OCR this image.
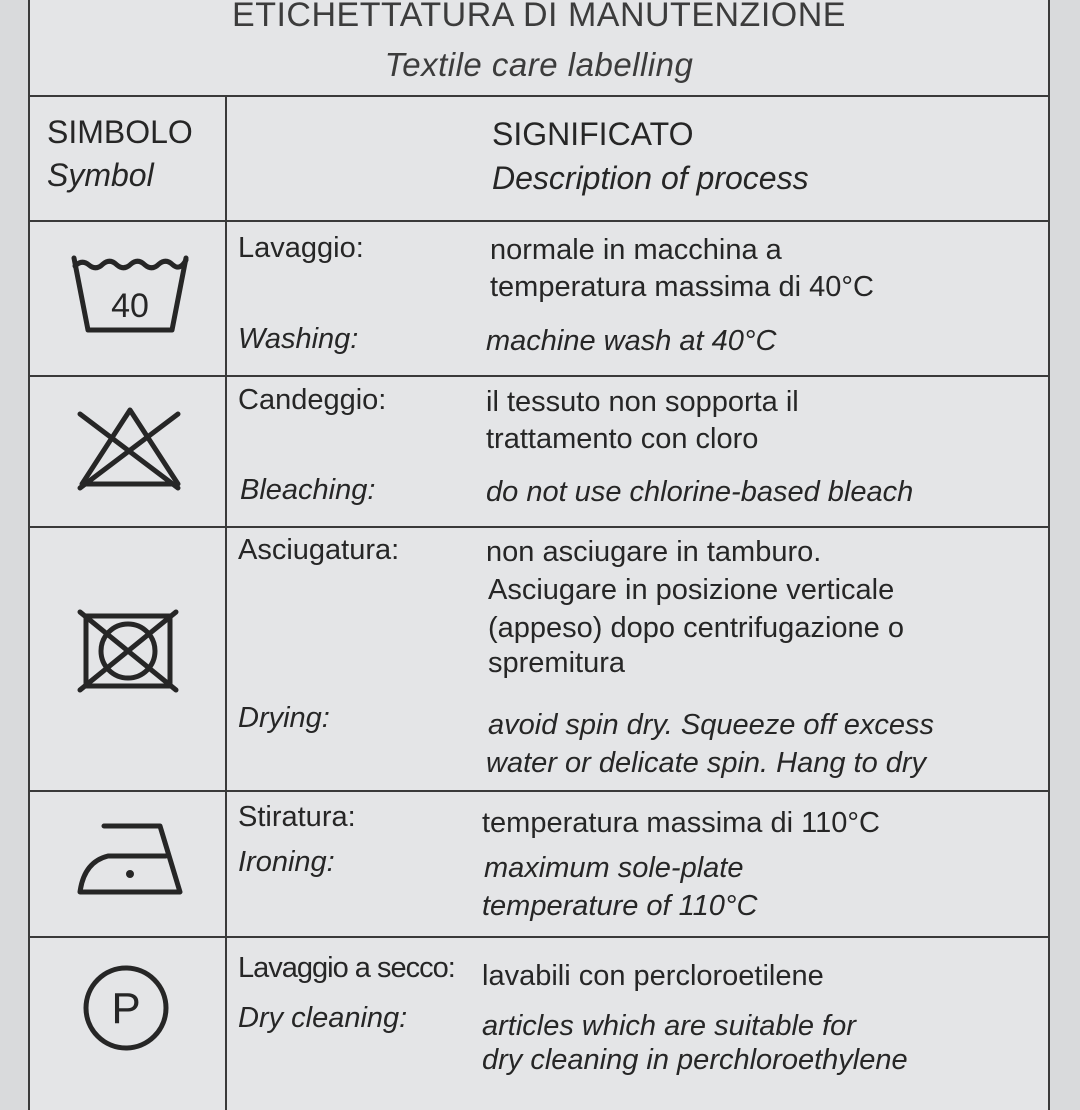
ETICHETTATURA DI MANUTENZIONE
Textile care labelling
SIMBOLO
Symbol
SIGNIFICATO
Description of process
40
Lavaggio:
Washing:
normale in macchina a
temperatura massima di 40°C
machine wash at 40°C
Candeggio:
Bleaching:
il tessuto non sopporta il
trattamento con cloro
do not use chlorine-based bleach
Asciugatura:
Drying:
non asciugare in tamburo.
Asciugare in posizione verticale
(appeso) dopo centrifugazione o
spremitura
avoid spin dry. Squeeze off excess
water or delicate spin. Hang to dry
Stiratura:
Ironing:
temperatura massima di 110°C
maximum sole-plate
temperature of 110°C
P
Lavaggio a secco:
Dry cleaning:
lavabili con percloroetilene
articles which are suitable for
dry cleaning in perchloroethylene
